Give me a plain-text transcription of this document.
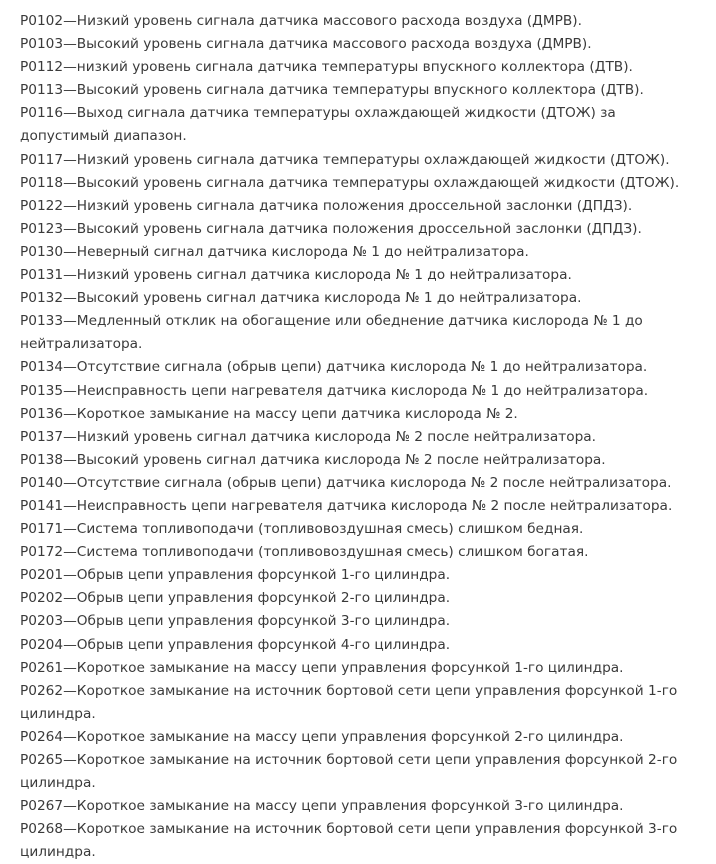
P0102—Низкий уровень сигнала датчика массового расхода воздуха (ДМРВ).

P0103—Высокий уровень сигнала датчика массового расхода воздуха (ДМРВ).

P0112—низкий уровень сигнала датчика температуры впускного коллектора (ДТВ).

P0113—Высокий уровень сигнала датчика температуры впускного коллектора (ДТВ).

P0116—Выход сигнала датчика температуры охлаждающей жидкости (ДТОЖ) за допустимый диапазон.

P0117—Низкий уровень сигнала датчика температуры охлаждающей жидкости (ДТОЖ).

P0118—Высокий уровень сигнала датчика температуры охлаждающей жидкости (ДТОЖ).

P0122—Низкий уровень сигнала датчика положения дроссельной заслонки (ДПДЗ).

P0123—Высокий уровень сигнала датчика положения дроссельной заслонки (ДПДЗ).

P0130—Неверный сигнал датчика кислорода № 1 до нейтрализатора.

P0131—Низкий уровень сигнал датчика кислорода № 1 до нейтрализатора.

P0132—Высокий уровень сигнал датчика кислорода № 1 до нейтрализатора.

P0133—Медленный отклик на обогащение или обеднение датчика кислорода № 1 до нейтрализатора.

P0134—Отсутствие сигнала (обрыв цепи) датчика кислорода № 1 до нейтрализатора.

P0135—Неисправность цепи нагревателя датчика кислорода № 1 до нейтрализатора.

P0136—Короткое замыкание на массу цепи датчика кислорода № 2.

P0137—Низкий уровень сигнал датчика кислорода № 2 после нейтрализатора.

P0138—Высокий уровень сигнал датчика кислорода № 2 после нейтрализатора.

P0140—Отсутствие сигнала (обрыв цепи) датчика кислорода № 2 после нейтрализатора.

P0141—Неисправность цепи нагревателя датчика кислорода № 2 после нейтрализатора.

P0171—Система топливоподачи (топливовоздушная смесь) слишком бедная.

P0172—Система топливоподачи (топливовоздушная смесь) слишком богатая.

P0201—Обрыв цепи управления форсункой 1-го цилиндра.

P0202—Обрыв цепи управления форсункой 2-го цилиндра.

P0203—Обрыв цепи управления форсункой 3-го цилиндра.

P0204—Обрыв цепи управления форсункой 4-го цилиндра.

P0261—Короткое замыкание на массу цепи управления форсункой 1-го цилиндра.

P0262—Короткое замыкание на источник бортовой сети цепи управления форсункой 1-го цилиндра.

P0264—Короткое замыкание на массу цепи управления форсункой 2-го цилиндра.

P0265—Короткое замыкание на источник бортовой сети цепи управления форсункой 2-го цилиндра.

P0267—Короткое замыкание на массу цепи управления форсункой 3-го цилиндра.

P0268—Короткое замыкание на источник бортовой сети цепи управления форсункой 3-го цилиндра.
